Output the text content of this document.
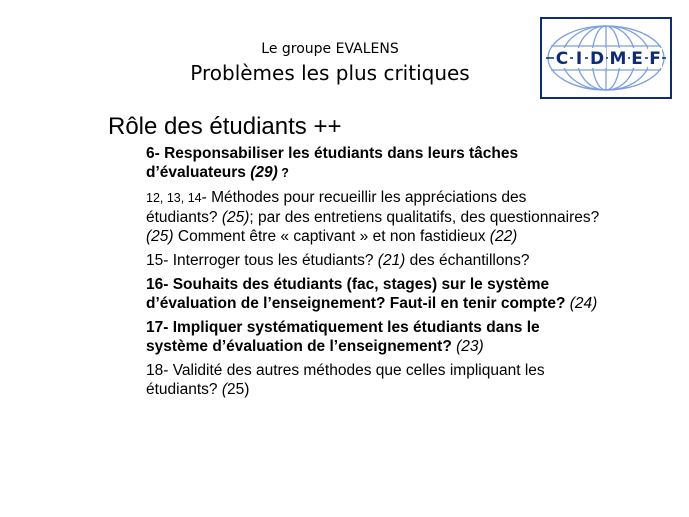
Le groupe EVALENS
Problèmes les plus critiques
C I D M E F
Rôle des étudiants ++
6- Responsabiliser les étudiants dans leurs tâches d’évaluateurs (29) ?
12, 13, 14- Méthodes pour recueillir les appréciations des étudiants? (25); par des entretiens qualitatifs, des questionnaires? (25) Comment être « captivant » et non fastidieux (22)
15- Interroger tous les étudiants? (21) des échantillons?
16- Souhaits des étudiants (fac, stages) sur le système d’évaluation de l’enseignement? Faut-il en tenir compte? (24)
17- Impliquer systématiquement les étudiants dans le système d’évaluation de l’enseignement? (23)
18- Validité des autres méthodes que celles impliquant les étudiants? (25)
